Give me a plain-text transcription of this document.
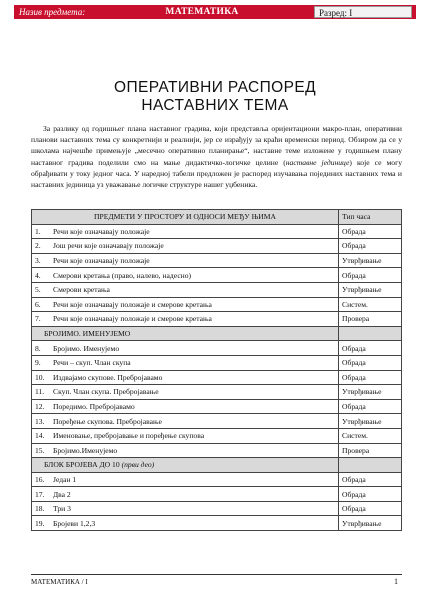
Назив предмета:	МАТЕМАТИКА	Разред: I
ОПЕРАТИВНИ РАСПОРЕД
НАСТАВНИХ ТЕМА

За разлику од годишњег плана наставног градива, који представља оријентациони макро-план, оперативни планови наставних тема су конкретнији и реалнији, јер се израђују за краћи временски период. Обзиром да се у школама најчешће примењује „месечно оперативно планирање“, наставне теме изложене у годишњем плану наставног градива поделили смо на мање дидактичко-логичке целине (наставне јединице) које се могу обрађивати у току једног часа. У наредној табели предложен је распоред изучавања појединих наставних тема и наставних јединица уз уважавање логичке структуре нашег уџбеника.

ПРЕДМЕТИ У ПРОСТОРУ И ОДНОСИ МЕЂУ ЊИМА	Тип часа
1. Речи које означавају положаје	Обрада
2. Још речи које означавају положаје	Обрада
3. Речи које означавају положаје	Утврђивање
4. Смерови кретања (право, налево, надесно)	Обрада
5. Смерови кретања	Утврђивање
6. Речи које означавају положаје и смерове кретања	Систем.
7. Речи које означавају положаје и смерове кретања	Провера
БРОЈИМО. ИМЕНУЈЕМО	
8. Бројимо. Именујемо	Обрада
9. Речи – скуп. Члан скупа	Обрада
10. Издвајамо скупове. Пребројавамо	Обрада
11. Скуп. Члан скупа. Пребројавање	Утврђивање
12. Поредимо. Пребројавамо	Обрада
13. Поређење скупова. Пребројавање	Утврђивање
14. Именовање, пребројавање и поређење скупова	Систем.
15. Бројимо.Именујемо	Провера
БЛОК БРОЈЕВА ДО 10 (први део)	
16. Један 1	Обрада
17. Два 2	Обрада
18. Три 3	Обрада
19. Бројеви 1,2,3	Утврђивање
МАТЕМАТИКА / I	1
